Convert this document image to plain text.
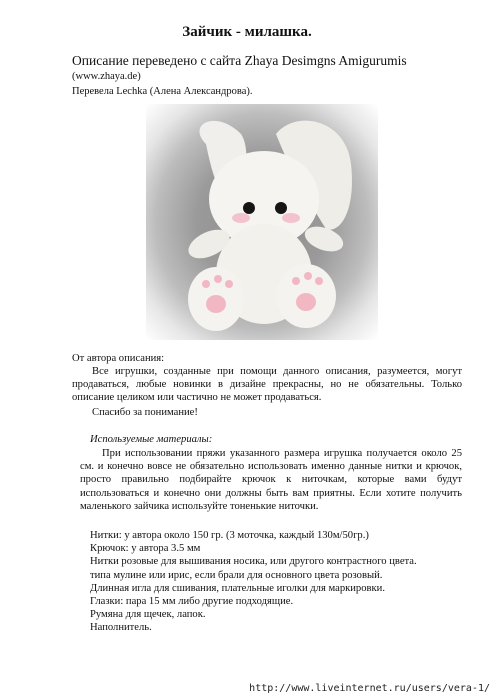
Зайчик - милашка.
Описание переведено с сайта Zhaya Desimgns Amigurumis
(www.zhaya.de)
Перевела Lechka (Алена Александрова).
От автора описания:
Все игрушки, созданные при помощи данного описания, разумеется, могут продаваться, любые новинки в дизайне прекрасны, но не обязательны. Только описание целиком или частично не может продаваться.
Спасибо за понимание!
Используемые материалы:
При использовании пряжи указанного размера игрушка получается около 25 см. и конечно вовсе не обязательно использовать именно данные нитки и крючок, просто правильно подбирайте крючок к ниточкам, которые вами будут использоваться и конечно они должны быть вам приятны. Если хотите получить маленького зайчика используйте тоненькие ниточки.
Нитки: у автора около 150 гр. (3 моточка, каждый 130м/50гр.)
Крючок: у автора 3.5 мм
Нитки розовые для вышивания носика, или другого контрастного цвета.
типа мулине или ирис, если брали для основного цвета розовый.
Длинная игла для сшивания, плательные иголки для маркировки.
Глазки: пара 15 мм либо другие подходящие.
Румяна для щечек, лапок.
Наполнитель.
http://www.liveinternet.ru/users/vera-1/
